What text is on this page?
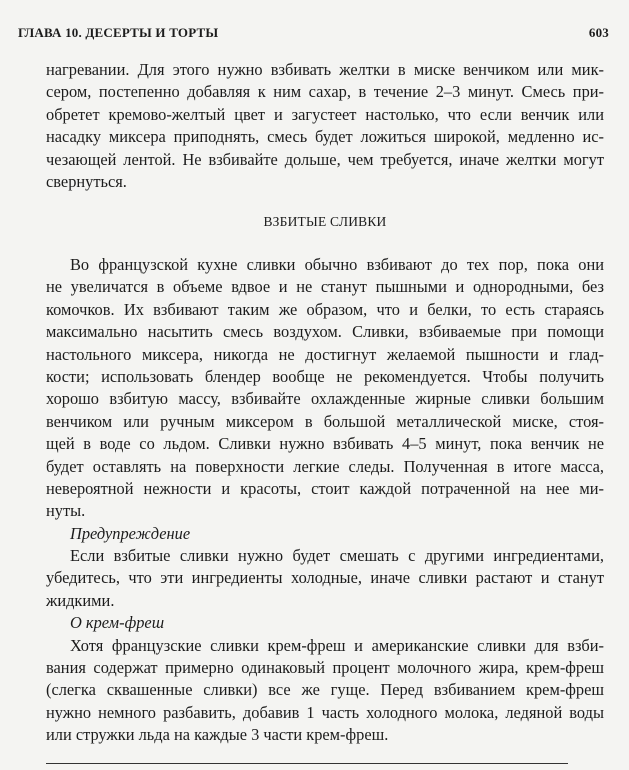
ГЛАВА 10. ДЕСЕРТЫ И ТОРТЫ	603
нагревании. Для этого нужно взбивать желтки в миске венчиком или мик-
сером, постепенно добавляя к ним сахар, в течение 2–3 минут. Смесь при-
обретет кремово-желтый цвет и загустеет настолько, что если венчик или
насадку миксера приподнять, смесь будет ложиться широкой, медленно ис-
чезающей лентой. Не взбивайте дольше, чем требуется, иначе желтки могут
свернуться.
ВЗБИТЫЕ СЛИВКИ
Во французской кухне сливки обычно взбивают до тех пор, пока они
не увеличатся в объеме вдвое и не станут пышными и однородными, без
комочков. Их взбивают таким же образом, что и белки, то есть стараясь
максимально насытить смесь воздухом. Сливки, взбиваемые при помощи
настольного миксера, никогда не достигнут желаемой пышности и глад-
кости; использовать блендер вообще не рекомендуется. Чтобы получить
хорошо взбитую массу, взбивайте охлажденные жирные сливки большим
венчиком или ручным миксером в большой металлической миске, стоя-
щей в воде со льдом. Сливки нужно взбивать 4–5 минут, пока венчик не
будет оставлять на поверхности легкие следы. Полученная в итоге масса,
невероятной нежности и красоты, стоит каждой потраченной на нее ми-
нуты.
Предупреждение
Если взбитые сливки нужно будет смешать с другими ингредиентами,
убедитесь, что эти ингредиенты холодные, иначе сливки растают и станут
жидкими.
О крем-фреш
Хотя французские сливки крем-фреш и американские сливки для взби-
вания содержат примерно одинаковый процент молочного жира, крем-фреш
(слегка сквашенные сливки) все же гуще. Перед взбиванием крем-фреш
нужно немного разбавить, добавив 1 часть холодного молока, ледяной воды
или стружки льда на каждые 3 части крем-фреш.
